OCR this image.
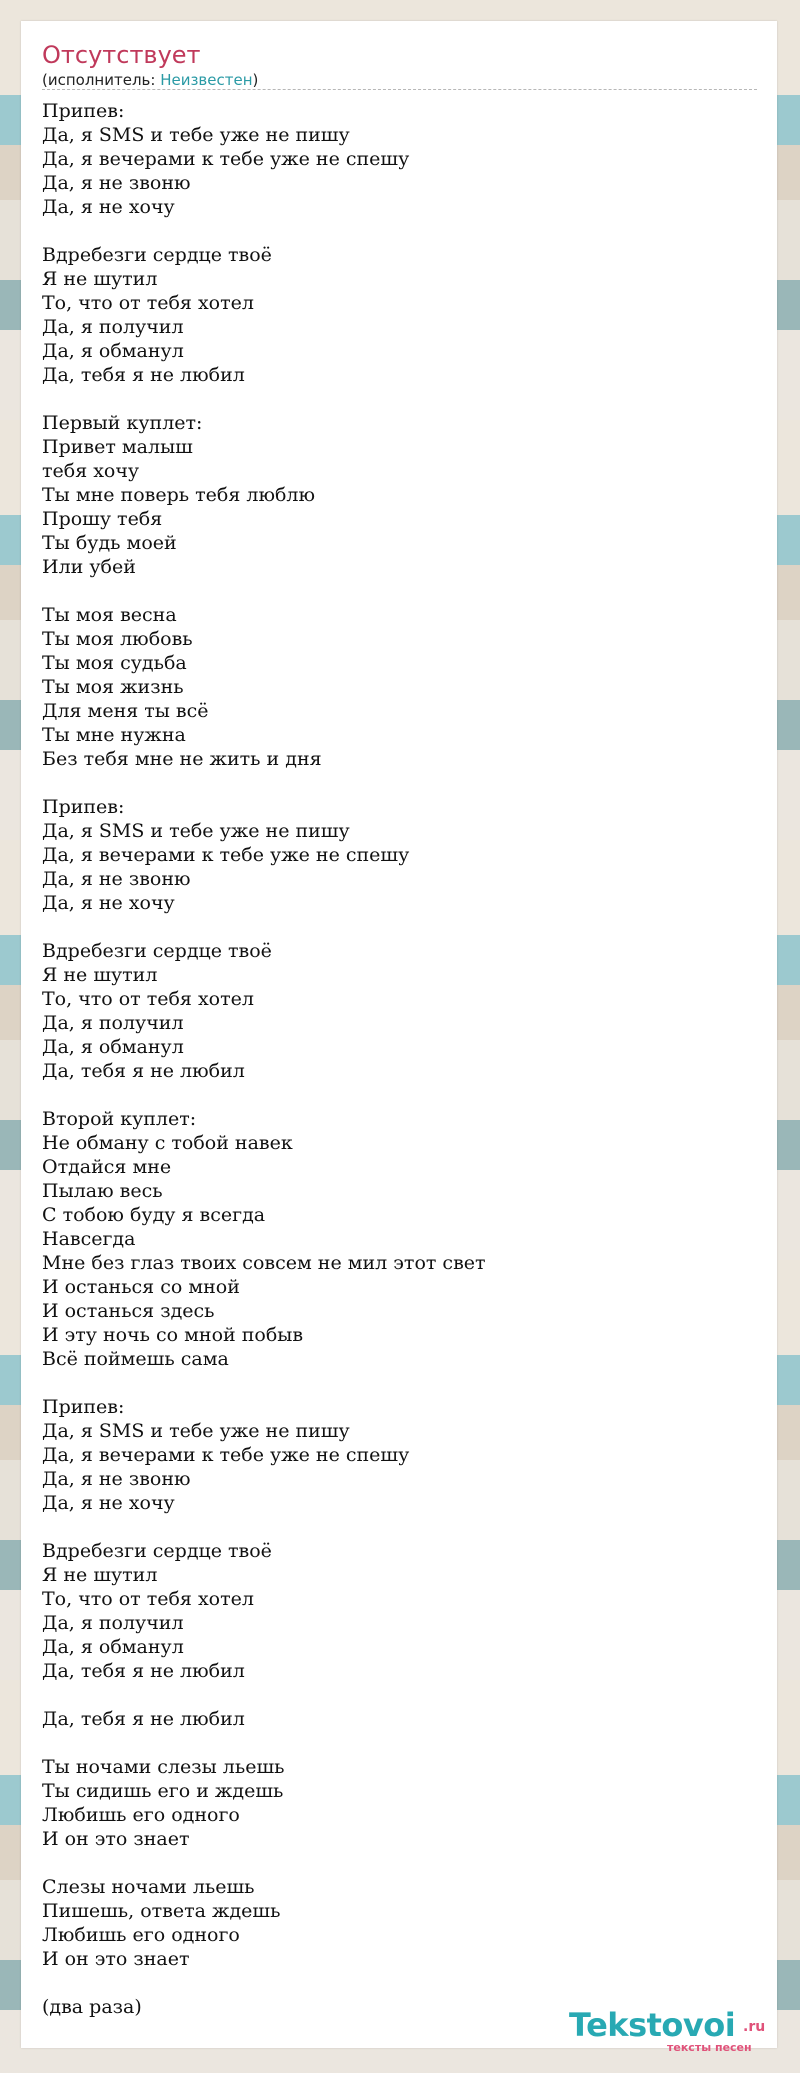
Отсутствует
(исполнитель: Неизвестен)
Припев:
Да, я SMS и тебе уже не пишу
Да, я вечерами к тебе уже не спешу
Да, я не звоню
Да, я не хочу

Вдребезги сердце твоё
Я не шутил
То, что от тебя хотел
Да, я получил
Да, я обманул
Да, тебя я не любил

Первый куплет:
Привет малыш
тебя хочу
Ты мне поверь тебя люблю
Прошу тебя
Ты будь моей
Или убей

Ты моя весна
Ты моя любовь
Ты моя судьба
Ты моя жизнь
Для меня ты всё
Ты мне нужна
Без тебя мне не жить и дня

Припев:
Да, я SMS и тебе уже не пишу
Да, я вечерами к тебе уже не спешу
Да, я не звоню
Да, я не хочу

Вдребезги сердце твоё
Я не шутил
То, что от тебя хотел
Да, я получил
Да, я обманул
Да, тебя я не любил

Второй куплет:
Не обману с тобой навек
Отдайся мне
Пылаю весь
С тобою буду я всегда
Навсегда
Мне без глаз твоих совсем не мил этот свет
И останься со мной
И останься здесь
И эту ночь со мной побыв
Всё поймешь сама

Припев:
Да, я SMS и тебе уже не пишу
Да, я вечерами к тебе уже не спешу
Да, я не звоню
Да, я не хочу

Вдребезги сердце твоё
Я не шутил
То, что от тебя хотел
Да, я получил
Да, я обманул
Да, тебя я не любил

Да, тебя я не любил

Ты ночами слезы льешь
Ты сидишь его и ждешь
Любишь его одного
И он это знает

Слезы ночами льешь
Пишешь, ответа ждешь
Любишь его одного
И он это знает

(два раза)	Tekstovoi .ru
тексты песен
